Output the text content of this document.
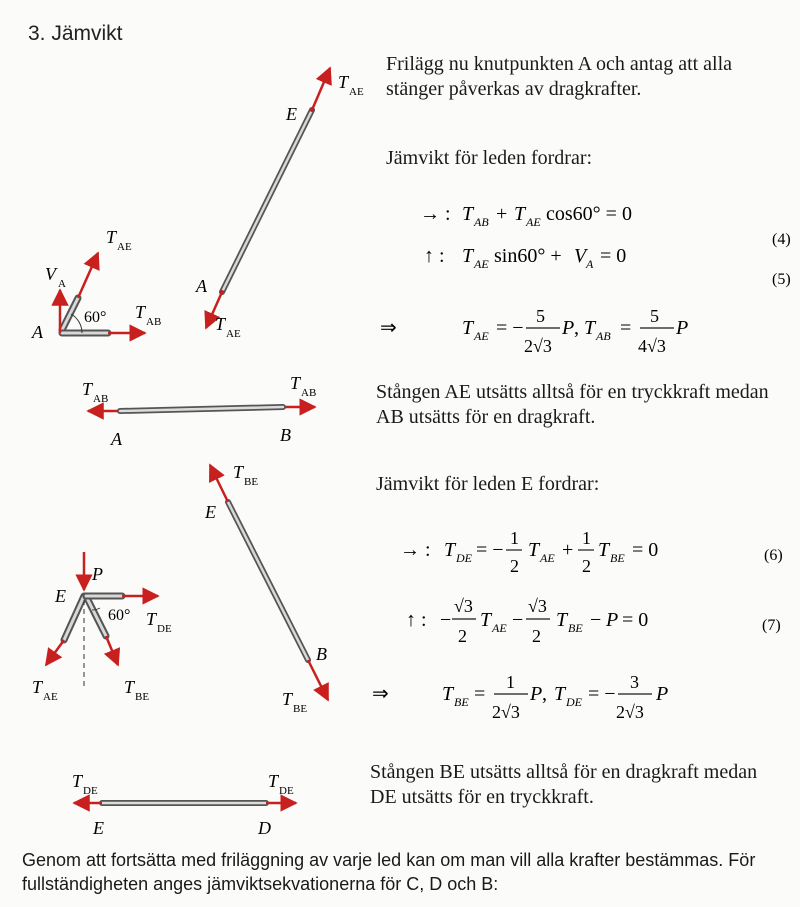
3. Jämvikt
E
A
T AE
T AE
60°
A
V A
T AE
T AB
T AB
T AB
A	B
T BE
E
B
T BE
60°
P
E
T DE
T AE	T BE
T DE	T DE
E	D
→ : T AB + T AE cos60° = 0
(4)
↑ : T AE sin60° + V A = 0
(5)
⇒	T AE = −
5
2√3
P , T AB =
5
4√3
P
→ : T DE = −
1
2
T AE +
1
2
T BE = 0	(6)
↑ : −
√3
2
T AE −
√3
2
T BE − P = 0	(7)
⇒	T BE =
1
2√3
P , T DE = −
3
2√3
P
Frilägg nu knutpunkten A och antag att alla
stänger påverkas av dragkrafter.
Jämvikt för leden fordrar:
Stången AE utsätts alltså för en tryckkraft medan
AB utsätts för en dragkraft.
Jämvikt för leden E fordrar:
Stången BE utsätts alltså för en dragkraft medan
DE utsätts för en tryckkraft.
Genom att fortsätta med friläggning av varje led kan om man vill alla krafter bestämmas. För
fullständigheten anges jämviktsekvationerna för C, D och B:
